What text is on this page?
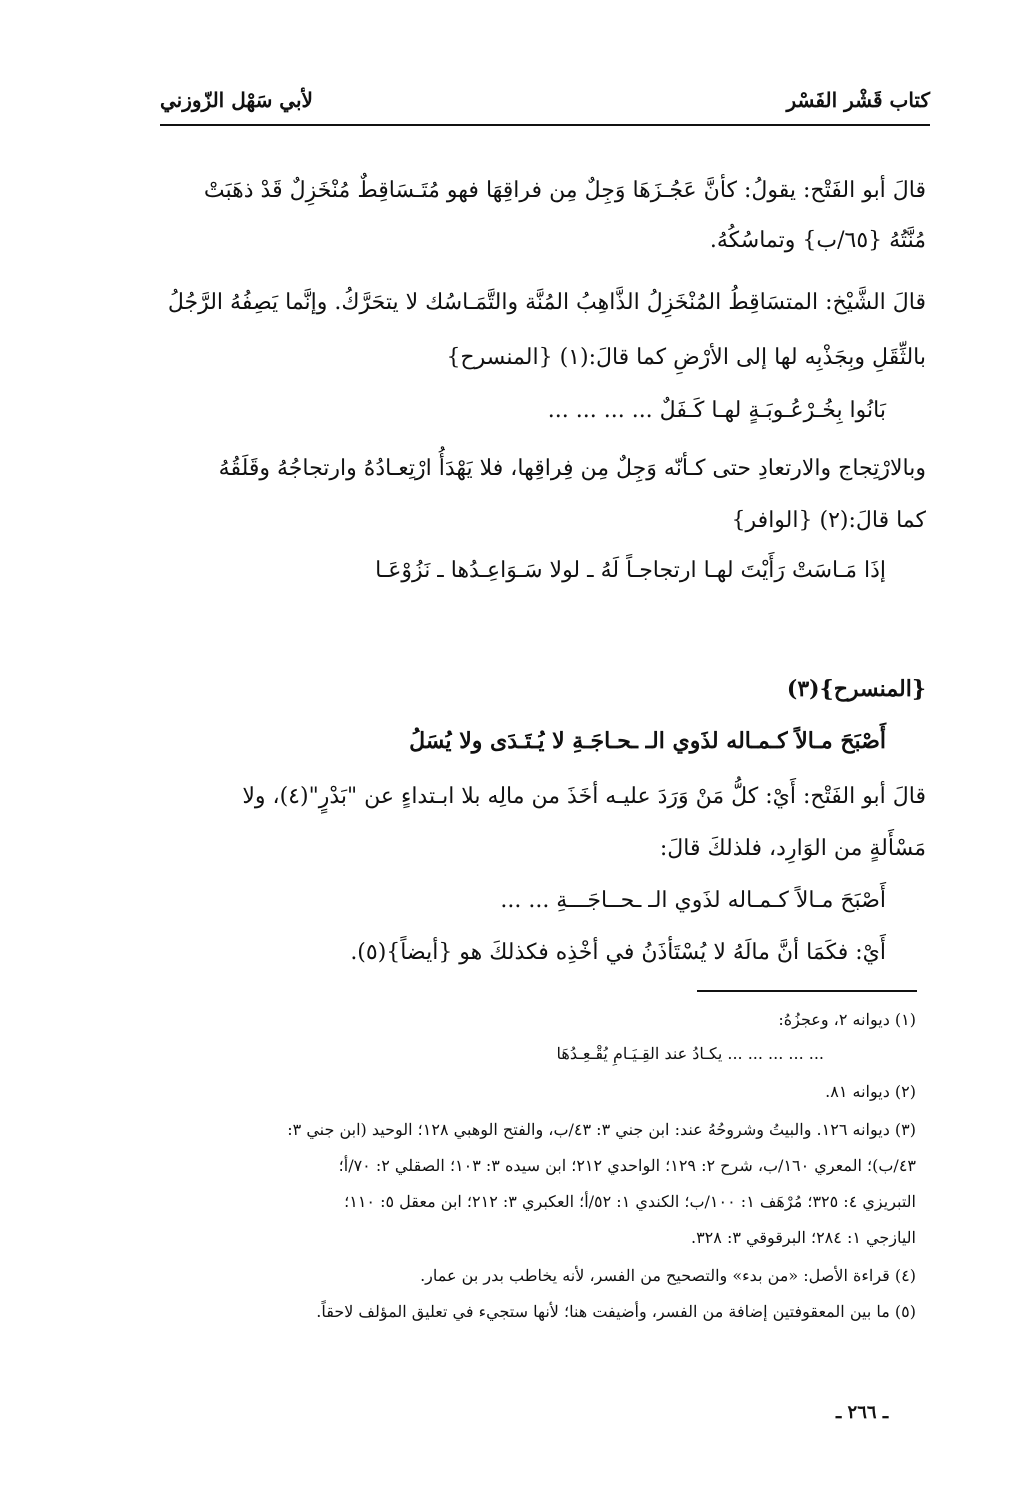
كتاب قَشْر الفَسْر
لأبي سَهْل الزّوزني
قالَ أبو الفَتْح: يقولُ: كأنَّ عَجُـزَهَا وَجِلٌ مِن فراقِهَا فهو مُتَـسَاقِطٌ مُنْخَزِلٌ قَدْ ذهَبَتْ
مُنَّتُهُ {٦٥/ب} وتماسُكُهُ.
قالَ الشَّيْخ: المتسَاقِطُ المُنْخَزِلُ الذَّاهِبُ المُنَّة والتَّمَـاسُك لا يتحَرَّكُ. وإنَّما يَصِفُهُ الرَّجُلُ
بالثِّقَلِ وبِجَذْبِه لها إلى الأرْضِ كما قالَ:(١) {المنسرح}
بَانُوا بِخُـرْعُـوبَـةٍ لهـا كَـفَلٌ ... ... ... ...
وبالارْتِجاج والارتعادِ حتى كـأنّه وَجِلٌ مِن فِراقِها، فلا يَهْدَأُ ارْتِعـادُهُ وارتجاجُهُ وقَلَقُهُ
كما قالَ:(٢) {الوافر}
إذَا مَـاسَتْ رَأَيْتَ لهـا ارتجاجـاً لَهُ ـ لولا سَـوَاعِـدُها ـ نَزُوْعَـا
{المنسرح}(٣)
أَصْبَحَ مـالاً كـمـاله لذَوي الـ ـحـاجَـةِ لا يُـتَـدَى ولا يُسَلُ
قالَ أبو الفَتْح: أَيْ: كلُّ مَنْ وَرَدَ عليـه أخَذَ من مالِه بلا ابـتداءٍ عن "بَدْرٍ"(٤)، ولا
مَسْأَلةٍ من الوَارِد، فلذلكَ قالَ:
أَصْبَحَ مـالاً كـمـاله لذَوي الـ ـحــاجَـــةِ ... ...
أَيْ: فكَمَا أنَّ مالَهُ لا يُسْتَأذَنُ في أخْذِه فكذلكَ هو {أيضاً}(٥).
(١) ديوانه ٢، وعجزُهُ:
... ... ... ... ... يكـادُ عند القِـيَـامِ يُقْـعِـدُهَا
(٢) ديوانه ٨١.
(٣) ديوانه ١٢٦. والبيتُ وشروحُهُ عند: ابن جني ٣: ٤٣/ب، والفتح الوهبي ١٢٨؛ الوحيد (ابن جني ٣:
٤٣/ب)؛ المعري ١٦٠/ب، شرح ٢: ١٢٩؛ الواحدي ٢١٢؛ ابن سيده ٣: ١٠٣؛ الصقلي ٢: ٧٠/أ؛
التبريزي ٤: ٣٢٥؛ مُرْهَف ١: ١٠٠/ب؛ الكندي ١: ٥٢/أ؛ العكبري ٣: ٢١٢؛ ابن معقل ٥: ١١٠؛
اليازجي ١: ٢٨٤؛ البرقوقي ٣: ٣٢٨.
(٤) قراءة الأصل: «من بدء» والتصحيح من الفسر، لأنه يخاطب بدر بن عمار.
(٥) ما بين المعقوفتين إضافة من الفسر، وأضيفت هنا؛ لأنها ستجيء في تعليق المؤلف لاحقاً.
ـ ٢٦٦ ـ
